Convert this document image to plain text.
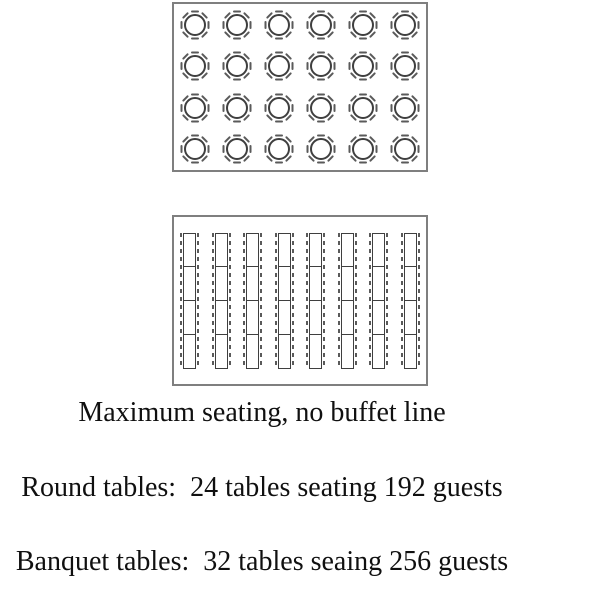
Maximum seating, no buffet line
Round tables:  24 tables seating 192 guests
Banquet tables:  32 tables seaing 256 guests
